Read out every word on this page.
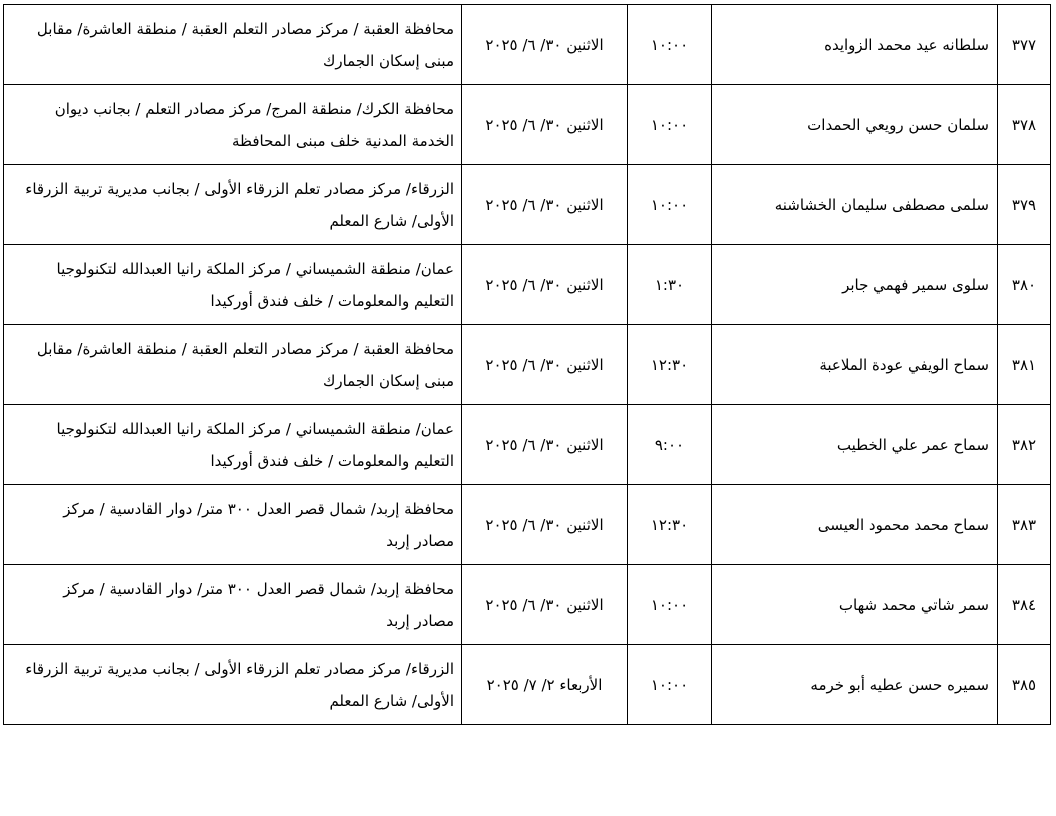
٣٧٧	سلطانه عيد محمد الزوايده	١٠:٠٠	الاثنين ٣٠/ ٦/ ٢٠٢٥	محافظة العقبة / مركز مصادر التعلم العقبة / منطقة العاشرة/ مقابل
مبنى إسكان الجمارك

٣٧٨	سلمان حسن رويعي الحمدات	١٠:٠٠	الاثنين ٣٠/ ٦/ ٢٠٢٥	محافظة الكرك/ منطقة المرج/ مركز مصادر التعلم / بجانب ديوان
الخدمة المدنية خلف مبنى المحافظة

٣٧٩	سلمى مصطفى سليمان الخشاشنه	١٠:٠٠	الاثنين ٣٠/ ٦/ ٢٠٢٥	الزرقاء/ مركز مصادر تعلم الزرقاء الأولى / بجانب مديرية تربية الزرقاء
الأولى/ شارع المعلم

٣٨٠	سلوى سمير فهمي جابر	١:٣٠	الاثنين ٣٠/ ٦/ ٢٠٢٥	عمان/ منطقة الشميساني / مركز الملكة رانيا العبدالله لتكنولوجيا
التعليم والمعلومات / خلف فندق أوركيدا

٣٨١	سماح الويفي عودة الملاعبة	١٢:٣٠	الاثنين ٣٠/ ٦/ ٢٠٢٥	محافظة العقبة / مركز مصادر التعلم العقبة / منطقة العاشرة/ مقابل
مبنى إسكان الجمارك

٣٨٢	سماح عمر علي الخطيب	٩:٠٠	الاثنين ٣٠/ ٦/ ٢٠٢٥	عمان/ منطقة الشميساني / مركز الملكة رانيا العبدالله لتكنولوجيا
التعليم والمعلومات / خلف فندق أوركيدا

٣٨٣	سماح محمد محمود العيسى	١٢:٣٠	الاثنين ٣٠/ ٦/ ٢٠٢٥	محافظة إربد/ شمال قصر العدل ٣٠٠ متر/ دوار القادسية / مركز
مصادر إربد

٣٨٤	سمر شاتي محمد شهاب	١٠:٠٠	الاثنين ٣٠/ ٦/ ٢٠٢٥	محافظة إربد/ شمال قصر العدل ٣٠٠ متر/ دوار القادسية / مركز
مصادر إربد

٣٨٥	سميره حسن عطيه أبو خرمه	١٠:٠٠	الأربعاء ٢/ ٧/ ٢٠٢٥	الزرقاء/ مركز مصادر تعلم الزرقاء الأولى / بجانب مديرية تربية الزرقاء
الأولى/ شارع المعلم
